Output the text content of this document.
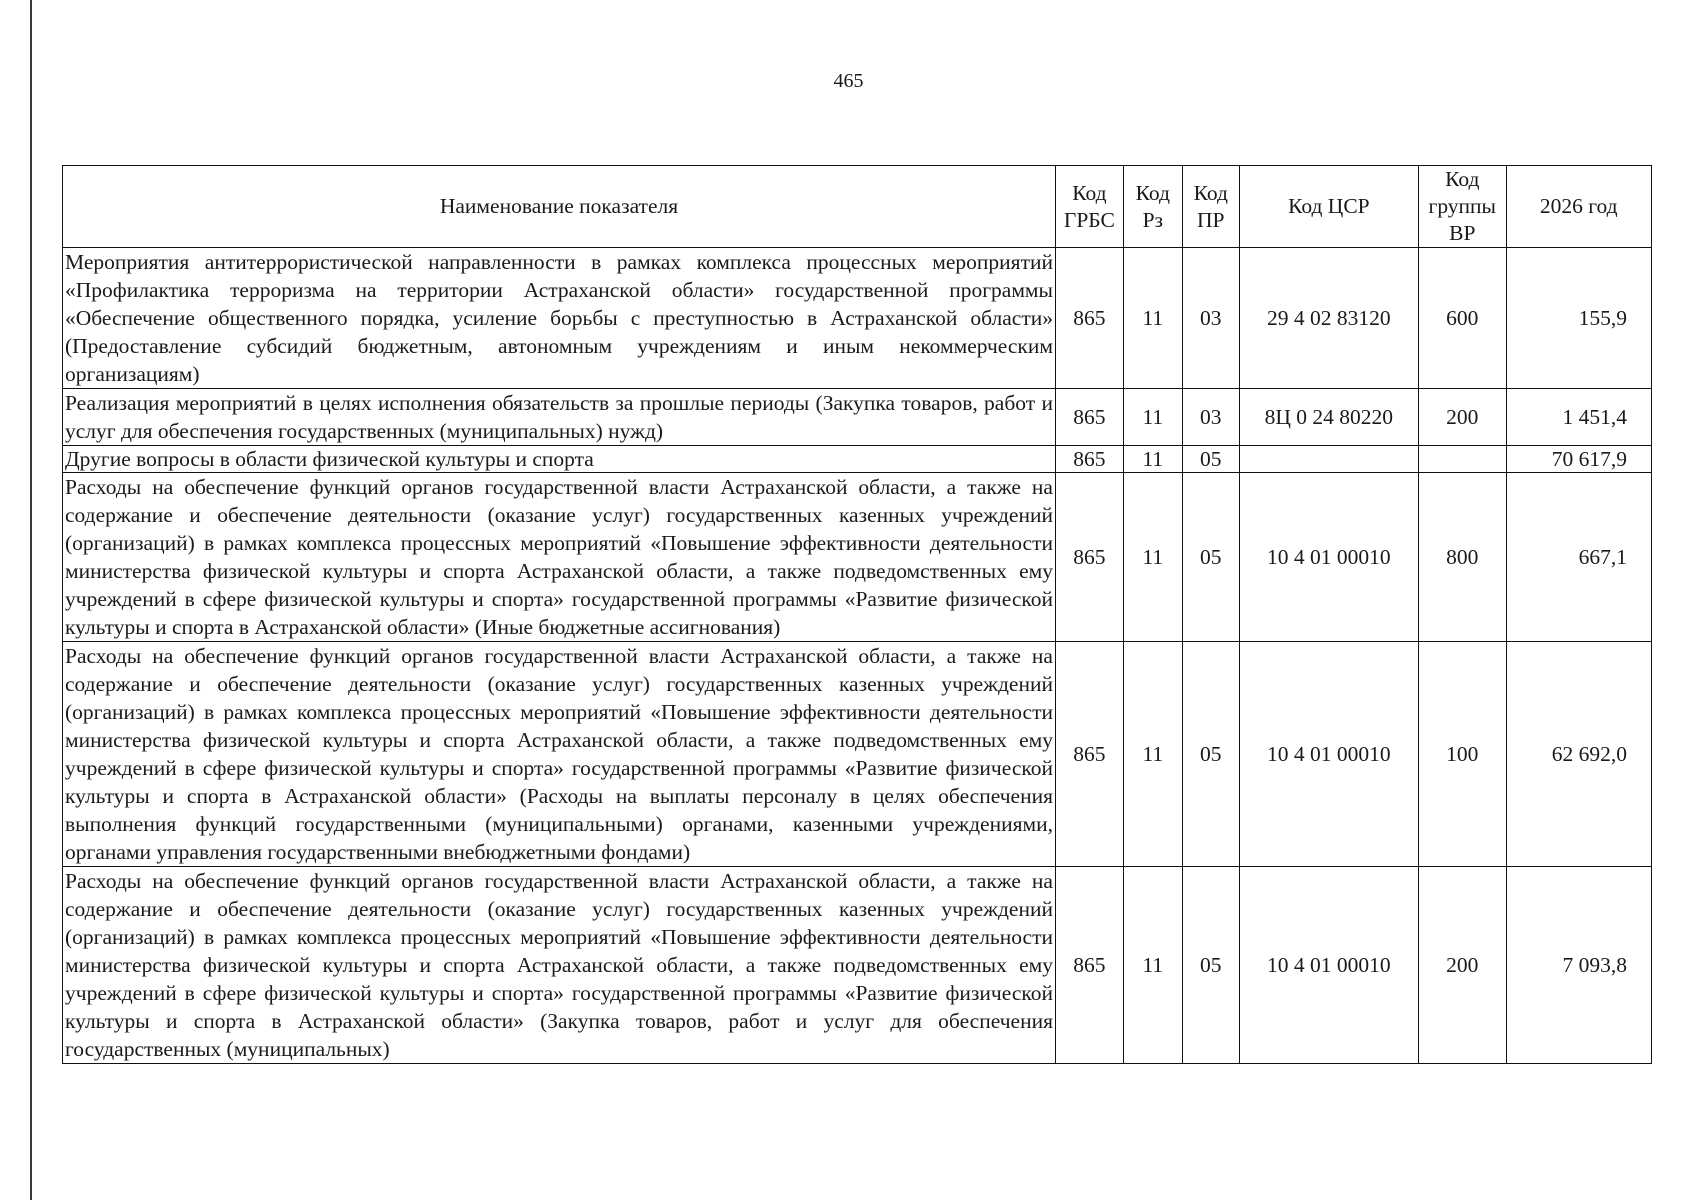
465
Наименование показателя	Код ГРБС	Код Рз	Код ПР	Код ЦСР	Код группы ВР	2026 год
Мероприятия антитеррористической направленности в рамках комплекса процессных мероприятий «Профилактика терроризма на территории Астраханской области» государственной программы «Обеспечение общественного порядка, усиление борьбы с преступностью в Астраханской области» (Предоставление субсидий бюджетным, автономным учреждениям и иным некоммерческим организациям)	865	11	03	29 4 02 83120	600	155,9
Реализация мероприятий в целях исполнения обязательств за прошлые периоды (Закупка товаров, работ и услуг для обеспечения государственных (муниципальных) нужд)	865	11	03	8Ц 0 24 80220	200	1 451,4
Другие вопросы в области физической культуры и спорта	865	11	05			70 617,9
Расходы на обеспечение функций органов государственной власти Астраханской области, а также на содержание и обеспечение деятельности (оказание услуг) государственных казенных учреждений (организаций) в рамках комплекса процессных мероприятий «Повышение эффективности деятельности министерства физической культуры и спорта Астраханской области, а также подведомственных ему учреждений в сфере физической культуры и спорта» государственной программы «Развитие физической культуры и спорта в Астраханской области» (Иные бюджетные ассигнования)	865	11	05	10 4 01 00010	800	667,1
Расходы на обеспечение функций органов государственной власти Астраханской области, а также на содержание и обеспечение деятельности (оказание услуг) государственных казенных учреждений (организаций) в рамках комплекса процессных мероприятий «Повышение эффективности деятельности министерства физической культуры и спорта Астраханской области, а также подведомственных ему учреждений в сфере физической культуры и спорта» государственной программы «Развитие физической культуры и спорта в Астраханской области» (Расходы на выплаты персоналу в целях обеспечения выполнения функций государственными (муниципальными) органами, казенными учреждениями, органами управления государственными внебюджетными фондами)	865	11	05	10 4 01 00010	100	62 692,0
Расходы на обеспечение функций органов государственной власти Астраханской области, а также на содержание и обеспечение деятельности (оказание услуг) государственных казенных учреждений (организаций) в рамках комплекса процессных мероприятий «Повышение эффективности деятельности министерства физической культуры и спорта Астраханской области, а также подведомственных ему учреждений в сфере физической культуры и спорта» государственной программы «Развитие физической культуры и спорта в Астраханской области» (Закупка товаров, работ и услуг для обеспечения государственных (муниципальных)	865	11	05	10 4 01 00010	200	7 093,8
